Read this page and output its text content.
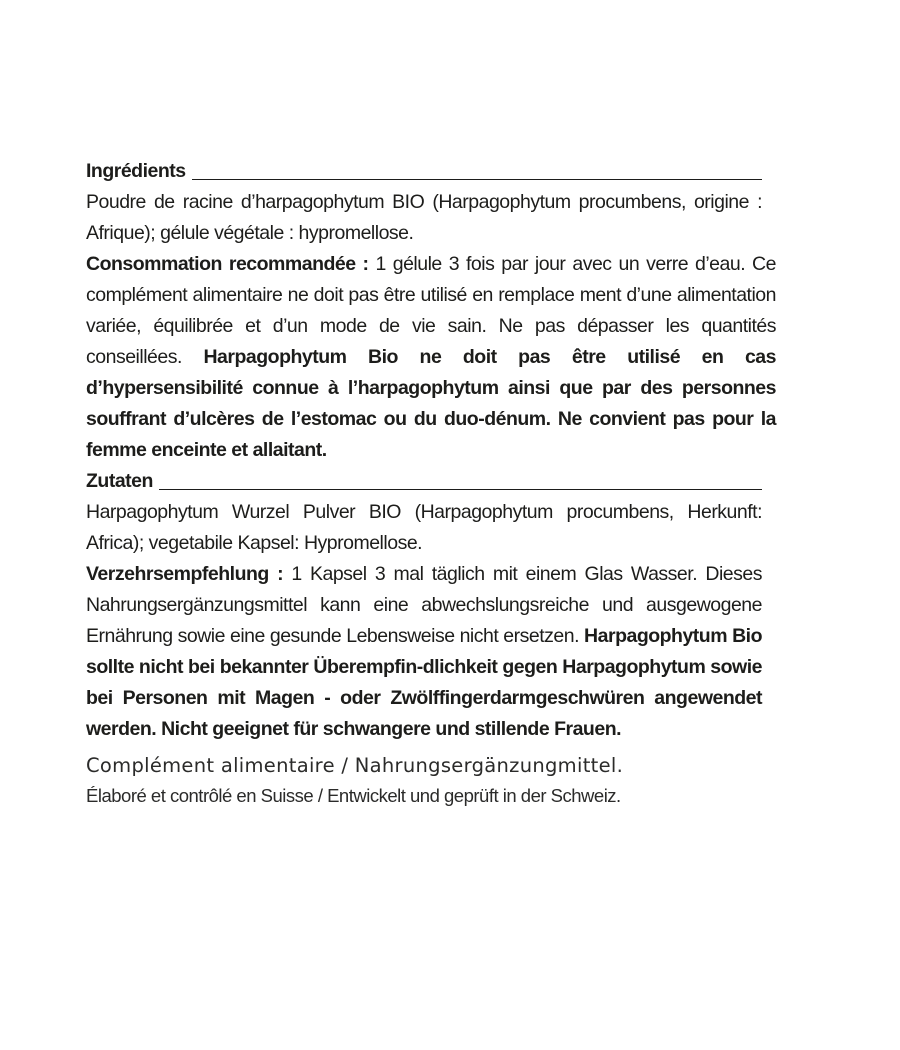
Ingrédients

Poudre de racine d’harpagophytum BIO (Harpagophytum procumbens, origine : Afrique); gélule végétale : hypromellose.

Consommation recommandée : 1 gélule 3 fois par jour avec un verre d’eau. Ce complément alimentaire ne doit pas être utilisé en remplace ment d’une alimentation variée, équilibrée et d’un mode de vie sain. Ne pas dépasser les quantités conseillées. Harpagophytum Bio ne doit pas être utilisé en cas d’hypersensibilité connue à l’harpagophytum ainsi que par des personnes souffrant d’ulcères de l’estomac ou du duo-dénum. Ne convient pas pour la femme enceinte et allaitant.

Zutaten

Harpagophytum Wurzel Pulver BIO (Harpagophytum procumbens, Herkunft: Africa); vegetabile Kapsel: Hypromellose.

Verzehrsempfehlung : 1 Kapsel 3 mal täglich mit einem Glas Wasser. Dieses Nahrungsergänzungsmittel kann eine abwechslungsreiche und ausgewogene Ernährung sowie eine gesunde Lebensweise nicht ersetzen. Harpagophytum Bio sollte nicht bei bekannter Überempfin-dlichkeit gegen Harpagophytum sowie bei Personen mit Magen - oder Zwölffingerdarmgeschwüren angewendet werden. Nicht geeignet für schwangere und stillende Frauen.

Complément alimentaire / Nahrungsergänzungmittel.
Élaboré et contrôlé en Suisse / Entwickelt und geprüft in der Schweiz.
